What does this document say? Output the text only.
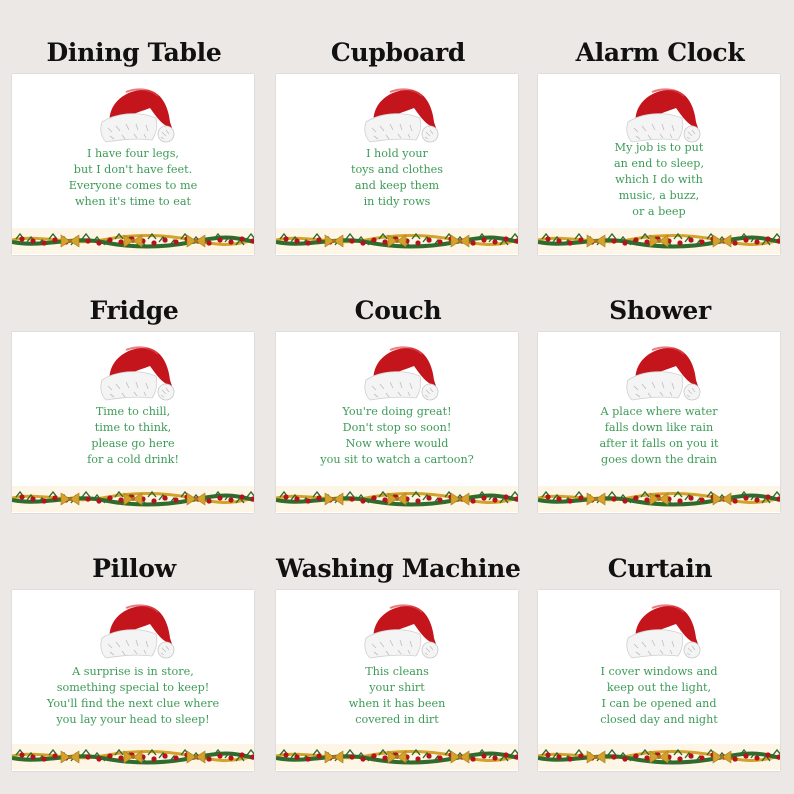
Dining Table
I have four legs,
but I don't have feet.
Everyone comes to me
when it's time to eat
Cupboard
I hold your
toys and clothes
and keep them
in tidy rows
Alarm Clock
My job is to put
an end to sleep,
which I do with
music, a buzz,
or a beep
Fridge
Time to chill,
time to think,
please go here
for a cold drink!
Couch
You're doing great!
Don't stop so soon!
Now where would
you sit to watch a cartoon?
Shower
A place where water
falls down like rain
after it falls on you it
goes down the drain
Pillow
A surprise is in store,
something special to keep!
You'll find the next clue where
you lay your head to sleep!
Washing Machine
This cleans
your shirt
when it has been
covered in dirt
Curtain
I cover windows and
keep out the light,
I can be opened and
closed day and night
